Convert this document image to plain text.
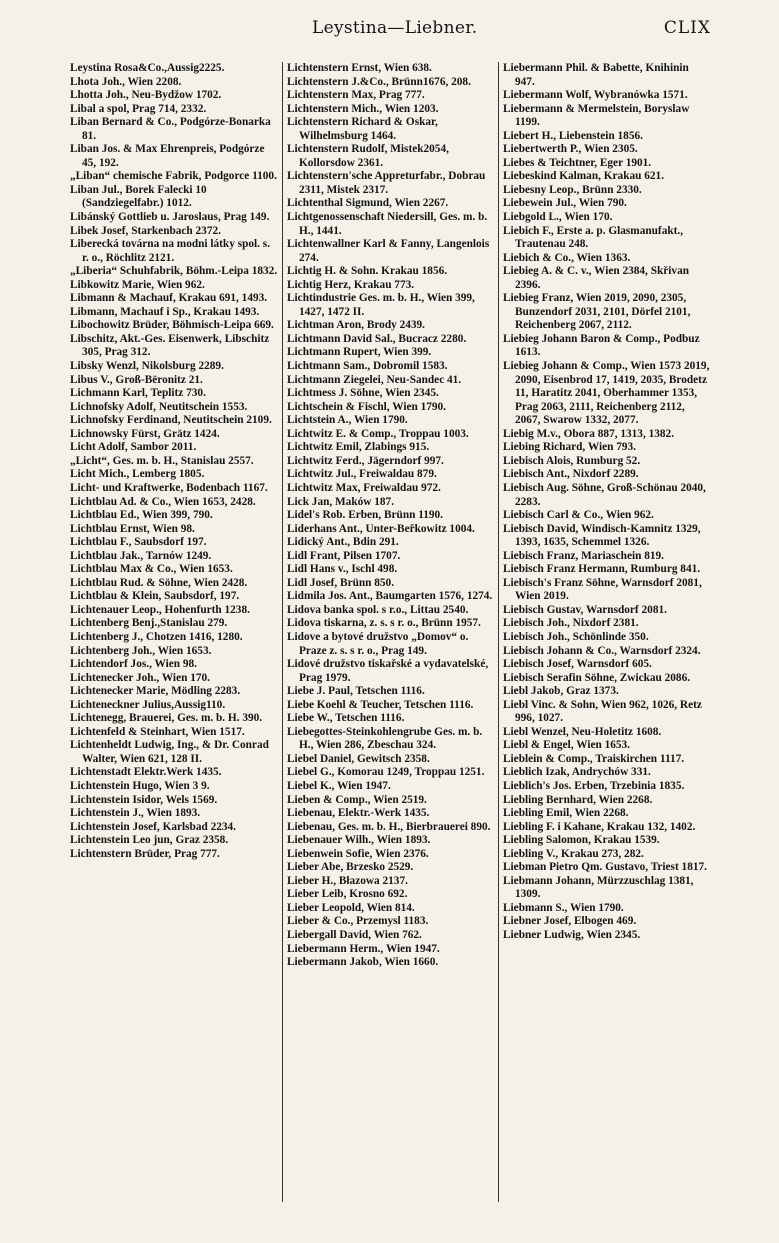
Leystina—Liebner.	CLIX
Leystina Rosa&Co.,Aussig2225.
Lhota Joh., Wien 2208.
Lhotta Joh., Neu-Bydžow 1702.
Libal a spol, Prag 714, 2332.
Liban Bernard & Co., Podgórze-Bonarka 81.
Liban Jos. & Max Ehrenpreis, Podgórze 45, 192.
„Liban“ chemische Fabrik, Podgorce 1100.
Liban Jul., Borek Falecki 10 (Sandziegelfabr.) 1012.
Libánský Gottlieb u. Jaroslaus, Prag 149.
Libek Josef, Starkenbach 2372.
Liberecká továrna na modni látky spol. s. r. o., Röchlitz 2121.
„Liberia“ Schuhfabrik, Böhm.-Leipa 1832.
Libkowitz Marie, Wien 962.
Libmann & Machauf, Krakau 691, 1493.
Libmann, Machauf i Sp., Krakau 1493.
Libochowitz Brüder, Böhmisch-Leipa 669.
Libschitz, Akt.-Ges. Eisenwerk, Libschitz 305, Prag 312.
Libsky Wenzl, Nikolsburg 2289.
Libus V., Groß-Bëronitz 21.
Lichmann Karl, Teplitz 730.
Lichnofsky Adolf, Neutitschein 1553.
Lichnofsky Ferdinand, Neutitschein 2109.
Lichnowsky Fürst, Grätz 1424.
Licht Adolf, Sambor 2011.
„Licht“, Ges. m. b. H., Stanislau 2557.
Licht Mich., Lemberg 1805.
Licht- und Kraftwerke, Bodenbach 1167.
Lichtblau Ad. & Co., Wien 1653, 2428.
Lichtblau Ed., Wien 399, 790.
Lichtblau Ernst, Wien 98.
Lichtblau F., Saubsdorf 197.
Lichtblau Jak., Tarnów 1249.
Lichtblau Max & Co., Wien 1653.
Lichtblau Rud. & Söhne, Wien 2428.
Lichtblau & Klein, Saubsdorf, 197.
Lichtenauer Leop., Hohenfurth 1238.
Lichtenberg Benj.,Stanislau 279.
Lichtenberg J., Chotzen 1416, 1280.
Lichtenberg Joh., Wien 1653.
Lichtendorf Jos., Wien 98.
Lichtenecker Joh., Wien 170.
Lichtenecker Marie, Mödling 2283.
Lichteneckner Julius,Aussig110.
Lichtenegg, Brauerei, Ges. m. b. H. 390.
Lichtenfeld & Steinhart, Wien 1517.
Lichtenheldt Ludwig, Ing., & Dr. Conrad Walter, Wien 621, 128 II.
Lichtenstadt Elektr.Werk 1435.
Lichtenstein Hugo, Wien 3 9.
Lichtenstein Isidor, Wels 1569.
Lichtenstein J., Wien 1893.
Lichtenstein Josef, Karlsbad 2234.
Lichtenstein Leo jun, Graz 2358.
Lichtenstern Brüder, Prag 777.
Lichtenstern Ernst, Wien 638.
Lichtenstern J.&Co., Brünn1676, 208.
Lichtenstern Max, Prag 777.
Lichtenstern Mich., Wien 1203.
Lichtenstern Richard & Oskar, Wilhelmsburg 1464.
Lichtenstern Rudolf, Mistek2054, Kollorsdow 2361.
Lichtenstern'sche Appreturfabr., Dobrau 2311, Mistek 2317.
Lichtenthal Sigmund, Wien 2267.
Lichtgenossenschaft Niedersill, Ges. m. b. H., 1441.
Lichtenwallner Karl & Fanny, Langenlois 274.
Lichtig H. & Sohn. Krakau 1856.
Lichtig Herz, Krakau 773.
Lichtindustrie Ges. m. b. H., Wien 399, 1427, 1472 II.
Lichtman Aron, Brody 2439.
Lichtmann David Sal., Bucracz 2280.
Lichtmann Rupert, Wien 399.
Lichtmann Sam., Dobromil 1583.
Lichtmann Ziegelei, Neu-Sandec 41.
Lichtmess J. Söhne, Wien 2345.
Lichtschein & Fischl, Wien 1790.
Lichtstein A., Wien 1790.
Lichtwitz E. & Comp., Troppau 1003.
Lichtwitz Emil, Zlabings 915.
Lichtwitz Ferd., Jägerndorf 997.
Lichtwitz Jul., Freiwaldau 879.
Lichtwitz Max, Freiwaldau 972.
Lick Jan, Maków 187.
Lidel's Rob. Erben, Brünn 1190.
Liderhans Ant., Unter-Beřkowitz 1004.
Lidický Ant., Bdin 291.
Lidl Frant, Pilsen 1707.
Lidl Hans v., Ischl 498.
Lidl Josef, Brünn 850.
Lidmila Jos. Ant., Baumgarten 1576, 1274.
Lidova banka spol. s r.o., Littau 2540.
Lidova tiskarna, z. s. s r. o., Brünn 1957.
Lidove a bytové družstvo „Domov“ o. Praze z. s. s r. o., Prag 149.
Lidové družstvo tiskařské a vydavatelské, Prag 1979.
Liebe J. Paul, Tetschen 1116.
Liebe Koehl & Teucher, Tetschen 1116.
Liebe W., Tetschen 1116.
Liebegottes-Steinkohlengrube Ges. m. b. H., Wien 286, Zbeschau 324.
Liebel Daniel, Gewitsch 2358.
Liebel G., Komorau 1249, Troppau 1251.
Liebel K., Wien 1947.
Lieben & Comp., Wien 2519.
Liebenau, Elektr.-Werk 1435.
Liebenau, Ges. m. b. H., Bierbrauerei 890.
Liebenauer Wilh., Wien 1893.
Liebenwein Sofie, Wien 2376.
Lieber Abe, Brzesko 2529.
Lieber H., Błazowa 2137.
Lieber Leib, Krosno 692.
Lieber Leopold, Wien 814.
Lieber & Co., Przemysl 1183.
Liebergall David, Wien 762.
Liebermann Herm., Wien 1947.
Liebermann Jakob, Wien 1660.
Liebermann Phil. & Babette, Knihinin 947.
Liebermann Wolf, Wybranówka 1571.
Liebermann & Mermelstein, Boryslaw 1199.
Liebert H., Liebenstein 1856.
Liebertwerth P., Wien 2305.
Liebes & Teichtner, Eger 1901.
Liebeskind Kalman, Krakau 621.
Liebesny Leop., Brünn 2330.
Liebewein Jul., Wien 790.
Liebgold L., Wien 170.
Liebich F., Erste a. p. Glasmanufakt., Trautenau 248.
Liebich & Co., Wien 1363.
Liebieg A. & C. v., Wien 2384, Skřivan 2396.
Liebieg Franz, Wien 2019, 2090, 2305, Bunzendorf 2031, 2101, Dörfel 2101, Reichenberg 2067, 2112.
Liebieg Johann Baron & Comp., Podbuz 1613.
Liebieg Johann & Comp., Wien 1573 2019, 2090, Eisenbrod 17, 1419, 2035, Brodetz 11, Haratitz 2041, Oberhammer 1353, Prag 2063, 2111, Reichenberg 2112, 2067, Swarow 1332, 2077.
Liebig M.v., Obora 887, 1313, 1382.
Liebing Richard, Wien 793.
Liebisch Alois, Rumburg 52.
Liebisch Ant., Nixdorf 2289.
Liebisch Aug. Söhne, Groß-Schönau 2040, 2283.
Liebisch Carl & Co., Wien 962.
Liebisch David, Windisch-Kamnitz 1329, 1393, 1635, Schemmel 1326.
Liebisch Franz, Mariaschein 819.
Liebisch Franz Hermann, Rumburg 841.
Liebisch's Franz Söhne, Warnsdorf 2081, Wien 2019.
Liebisch Gustav, Warnsdorf 2081.
Liebisch Joh., Nixdorf 2381.
Liebisch Joh., Schönlinde 350.
Liebisch Johann & Co., Warnsdorf 2324.
Liebisch Josef, Warnsdorf 605.
Liebisch Serafin Söhne, Zwickau 2086.
Liebl Jakob, Graz 1373.
Liebl Vinc. & Sohn, Wien 962, 1026, Retz 996, 1027.
Liebl Wenzel, Neu-Holetitz 1608.
Liebl & Engel, Wien 1653.
Lieblein & Comp., Traiskirchen 1117.
Lieblich Izak, Andrychów 331.
Lieblich's Jos. Erben, Trzebinia 1835.
Liebling Bernhard, Wien 2268.
Liebling Emil, Wien 2268.
Liebling F. i Kahane, Krakau 132, 1402.
Liebling Salomon, Krakau 1539.
Liebling V., Krakau 273, 282.
Liebman Pietro Qm. Gustavo, Triest 1817.
Liebmann Johann, Mürzzuschlag 1381, 1309.
Liebmann S., Wien 1790.
Liebner Josef, Elbogen 469.
Liebner Ludwig, Wien 2345.
